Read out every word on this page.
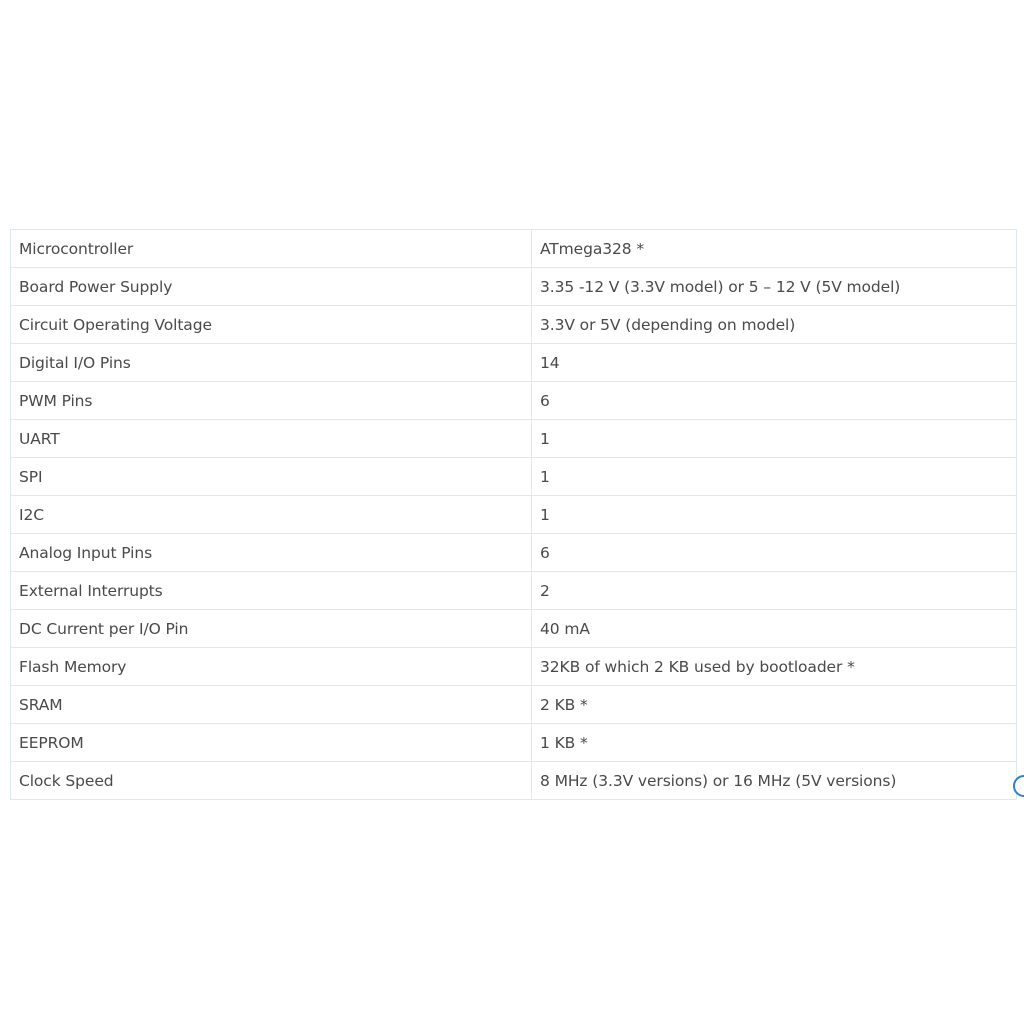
Microcontroller	ATmega328 *
Board Power Supply	3.35 -12 V (3.3V model) or 5 – 12 V (5V model)
Circuit Operating Voltage	3.3V or 5V (depending on model)
Digital I/O Pins	14
PWM Pins	6
UART	1
SPI	1
I2C	1
Analog Input Pins	6
External Interrupts	2
DC Current per I/O Pin	40 mA
Flash Memory	32KB of which 2 KB used by bootloader *
SRAM	2 KB *
EEPROM	1 KB *
Clock Speed	8 MHz (3.3V versions) or 16 MHz (5V versions)
